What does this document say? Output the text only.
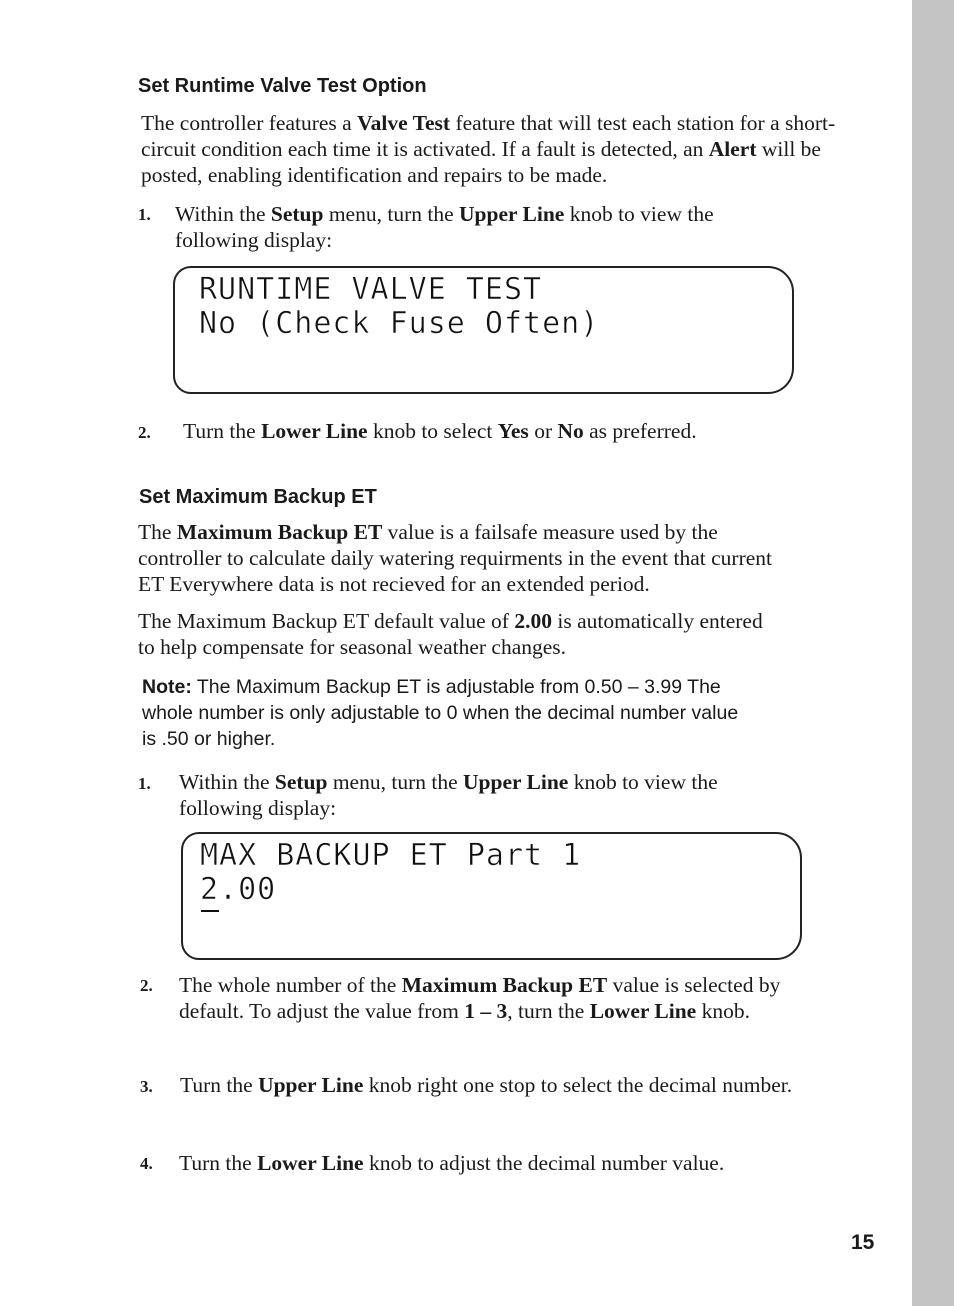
Set Runtime Valve Test Option
The controller features a Valve Test feature that will test each station for a short-circuit condition each time it is activated. If a fault is detected, an Alert will be posted, enabling identification and repairs to be made.
1. Within the Setup menu, turn the Upper Line knob to view the following display:
RUNTIME VALVE TEST
No (Check Fuse Often)
2. Turn the Lower Line knob to select Yes or No as preferred.
Set Maximum Backup ET
The Maximum Backup ET value is a failsafe measure used by the controller to calculate daily watering requirments in the event that current ET Everywhere data is not recieved for an extended period.
The Maximum Backup ET default value of 2.00 is automatically entered to help compensate for seasonal weather changes.
Note: The Maximum Backup ET is adjustable from 0.50 – 3.99 The whole number is only adjustable to 0 when the decimal number value is .50 or higher.
1. Within the Setup menu, turn the Upper Line knob to view the following display:
MAX BACKUP ET Part 1
2.00
2. The whole number of the Maximum Backup ET value is selected by default. To adjust the value from 1 – 3, turn the Lower Line knob.
3. Turn the Upper Line knob right one stop to select the decimal number.
4. Turn the Lower Line knob to adjust the decimal number value.
15
